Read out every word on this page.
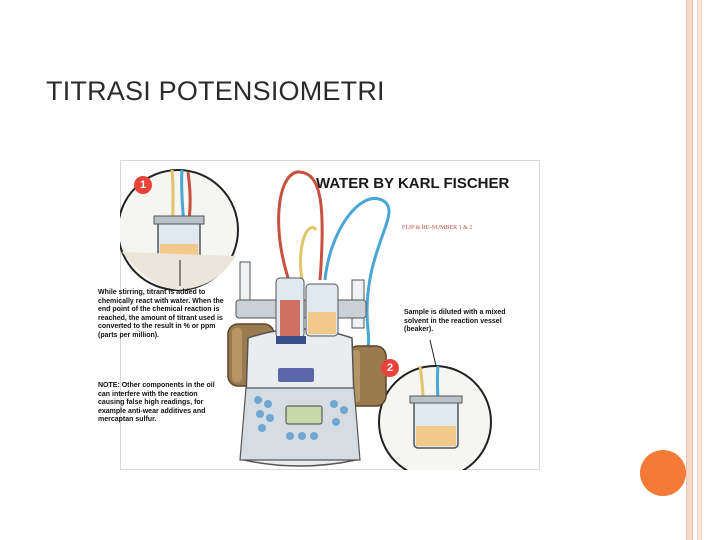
TITRASI POTENSIOMETRI
1
2
WATER BY KARL FISCHER
FLIP & RE-NUMBER 1 & 2
While stirring, titrant is added to chemically react with water. When the end point of the chemical reaction is reached, the amount of titrant used is converted to the result in % or ppm (parts per million).
NOTE: Other components in the oil can interfere with the reaction causing false high readings, for example anti-wear additives and mercaptan sulfur.
Sample is diluted with a mixed solvent in the reaction vessel (beaker).
